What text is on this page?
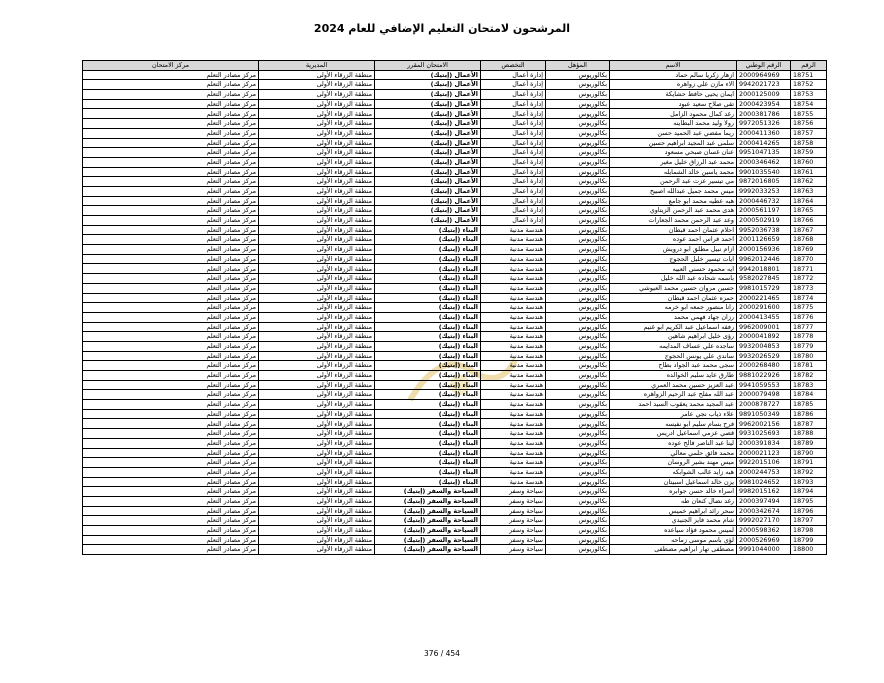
المرشحون لامتحان التعليم الإضافي للعام 2024
الرقم	الرقم الوطني	الاسم	المؤهل	التخصص	الامتحان المقرر	المديرية	مركز الامتحان
18751	2000964969	ازهار زكريا سالم حماد	بكالوريوس	إدارة أعمال	الأعمال (إبتيك)	منطقة الزرقاء الأولى	مركز مصادر التعلم
18752	9942021723	الاء مازن علي زواهره	بكالوريوس	إدارة أعمال	الأعمال (إبتيك)	منطقة الزرقاء الأولى	مركز مصادر التعلم
18753	2000125009	ايمان يحيى حافظ حشايكة	بكالوريوس	إدارة أعمال	الأعمال (إبتيك)	منطقة الزرقاء الأولى	مركز مصادر التعلم
18754	2000423954	تقى صلاح سعيد عبود	بكالوريوس	إدارة أعمال	الأعمال (إبتيك)	منطقة الزرقاء الأولى	مركز مصادر التعلم
18755	2000381786	رغد كمال محمود الزامل	بكالوريوس	إدارة أعمال	الأعمال (إبتيك)	منطقة الزرقاء الأولى	مركز مصادر التعلم
18756	9972051326	رولا وليد محمد البطاينه	بكالوريوس	إدارة أعمال	الأعمال (إبتيك)	منطقة الزرقاء الأولى	مركز مصادر التعلم
18757	2000411360	ريما مفضي عبد الحميد حسن	بكالوريوس	إدارة أعمال	الأعمال (إبتيك)	منطقة الزرقاء الأولى	مركز مصادر التعلم
18758	2000414265	سلمى عبد المجيد ابراهيم حسين	بكالوريوس	إدارة أعمال	الأعمال (إبتيك)	منطقة الزرقاء الأولى	مركز مصادر التعلم
18759	9951047135	عنان غسان صبحي مسعود	بكالوريوس	إدارة أعمال	الأعمال (إبتيك)	منطقة الزرقاء الأولى	مركز مصادر التعلم
18760	2000346462	محمد عبد الرزاق خليل مغير	بكالوريوس	إدارة أعمال	الأعمال (إبتيك)	منطقة الزرقاء الأولى	مركز مصادر التعلم
18761	9901035540	محمد ياسين خالد الشمايله	بكالوريوس	إدارة أعمال	الأعمال (إبتيك)	منطقة الزرقاء الأولى	مركز مصادر التعلم
18762	9872016805	مي تيسير عزت عبد الرحمن	بكالوريوس	إدارة أعمال	الأعمال (إبتيك)	منطقة الزرقاء الأولى	مركز مصادر التعلم
18763	9992033253	ميس محمد جميل عبدالله اصبيح	بكالوريوس	إدارة أعمال	الأعمال (إبتيك)	منطقة الزرقاء الأولى	مركز مصادر التعلم
18764	2000446732	هبه عطيه محمد ابو جامع	بكالوريوس	إدارة أعمال	الأعمال (إبتيك)	منطقة الزرقاء الأولى	مركز مصادر التعلم
18765	2000561197	هدى محمد عبد الرحمن الزيتاوي	بكالوريوس	إدارة أعمال	الأعمال (إبتيك)	منطقة الزرقاء الأولى	مركز مصادر التعلم
18766	2000502919	وعد عبد الرحمن محمد الجعارات	بكالوريوس	إدارة أعمال	الأعمال (إبتيك)	منطقة الزرقاء الأولى	مركز مصادر التعلم
18767	9952036738	احلام عثمان احمد قبطان	بكالوريوس	هندسة مدنية	البناء (إبتيك)	منطقة الزرقاء الأولى	مركز مصادر التعلم
18768	2001126659	احمد فراس احمد عوده	بكالوريوس	هندسة مدنية	البناء (إبتيك)	منطقة الزرقاء الأولى	مركز مصادر التعلم
18769	2000156936	ازام نبيل مطلق ابو درويش	بكالوريوس	هندسة مدنية	البناء (إبتيك)	منطقة الزرقاء الأولى	مركز مصادر التعلم
18770	9962012446	ايات تيسير خليل الحجوج	بكالوريوس	هندسة مدنية	البناء (إبتيك)	منطقة الزرقاء الأولى	مركز مصادر التعلم
18771	9942018801	ايه محمود حسني العبيه	بكالوريوس	هندسة مدنية	البناء (إبتيك)	منطقة الزرقاء الأولى	مركز مصادر التعلم
18772	9582027845	باسمه شحاده عبد الله خليل	بكالوريوس	هندسة مدنية	البناء (إبتيك)	منطقة الزرقاء الأولى	مركز مصادر التعلم
18773	9981015729	حسين مروان حسين محمد العيوشي	بكالوريوس	هندسة مدنية	البناء (إبتيك)	منطقة الزرقاء الأولى	مركز مصادر التعلم
18774	2000221465	حمزه عثمان احمد قبطان	بكالوريوس	هندسة مدنية	البناء (إبتيك)	منطقة الزرقاء الأولى	مركز مصادر التعلم
18775	2000291600	رانا منصور جمعه ابو خرمه	بكالوريوس	هندسة مدنية	البناء (إبتيك)	منطقة الزرقاء الأولى	مركز مصادر التعلم
18776	2000413455	رزان جهاد فهمي محمد	بكالوريوس	هندسة مدنية	البناء (إبتيك)	منطقة الزرقاء الأولى	مركز مصادر التعلم
18777	9962009001	رفقه اسماعيل عبد الكريم ابو غنيم	بكالوريوس	هندسة مدنية	البناء (إبتيك)	منطقة الزرقاء الأولى	مركز مصادر التعلم
18778	2000041892	رؤى خليل ابراهيم شاهين	بكالوريوس	هندسة مدنية	البناء (إبتيك)	منطقة الزرقاء الأولى	مركز مصادر التعلم
18779	9932004853	ساجده علي عساف المدايمه	بكالوريوس	هندسة مدنية	البناء (إبتيك)	منطقة الزرقاء الأولى	مركز مصادر التعلم
18780	9932026529	ساندي علي يونس الحجوج	بكالوريوس	هندسة مدنية	البناء (إبتيك)	منطقة الزرقاء الأولى	مركز مصادر التعلم
18781	2000268480	سجى محمد عبد الجواد بطاح	بكالوريوس	هندسة مدنية	البناء (إبتيك)	منطقة الزرقاء الأولى	مركز مصادر التعلم
18782	9881022926	طارق عايد سليم الخوالده	بكالوريوس	هندسة مدنية	البناء (إبتيك)	منطقة الزرقاء الأولى	مركز مصادر التعلم
18783	9941059553	عبد العزيز حسين محمد العمري	بكالوريوس	هندسة مدنية	البناء (إبتيك)	منطقة الزرقاء الأولى	مركز مصادر التعلم
18784	2000079498	عبد الله مفلح عبد الرحيم الزواهره	بكالوريوس	هندسة مدنية	البناء (إبتيك)	منطقة الزرقاء الأولى	مركز مصادر التعلم
18785	2000878727	عبد المجيد محمد يعقوب السيد احمد	بكالوريوس	هندسة مدنية	البناء (إبتيك)	منطقة الزرقاء الأولى	مركز مصادر التعلم
18786	9891050349	علاء ذياب نجي عامر	بكالوريوس	هندسة مدنية	البناء (إبتيك)	منطقة الزرقاء الأولى	مركز مصادر التعلم
18787	9962002156	فرح بسام سليم ابو نفيسه	بكالوريوس	هندسة مدنية	البناء (إبتيك)	منطقة الزرقاء الأولى	مركز مصادر التعلم
18788	9931025693	قصي عزمي اسماعيل ادريس	بكالوريوس	هندسة مدنية	البناء (إبتيك)	منطقة الزرقاء الأولى	مركز مصادر التعلم
18789	2000391834	لينا عبد الناصر فالح عوده	بكالوريوس	هندسة مدنية	البناء (إبتيك)	منطقة الزرقاء الأولى	مركز مصادر التعلم
18790	2000021123	محمد فائق حلمي معالي	بكالوريوس	هندسة مدنية	البناء (إبتيك)	منطقة الزرقاء الأولى	مركز مصادر التعلم
18791	9922015106	ميس مهند بشير الروسان	بكالوريوس	هندسة مدنية	البناء (إبتيك)	منطقة الزرقاء الأولى	مركز مصادر التعلم
18792	2000244753	هبه زايد غالب الشوابكه	بكالوريوس	هندسة مدنية	البناء (إبتيك)	منطقة الزرقاء الأولى	مركز مصادر التعلم
18793	9981024652	يزن خالد اسماعيل اسبيتان	بكالوريوس	هندسة مدنية	البناء (إبتيك)	منطقة الزرقاء الأولى	مركز مصادر التعلم
18794	9982015162	اسراء خالد حسن جوابره	بكالوريوس	سياحة وسفر	السياحة والسفر (إبتيك)	منطقة الزرقاء الأولى	مركز مصادر التعلم
18795	2000397494	رغد نضال كنعان طه	بكالوريوس	سياحة وسفر	السياحة والسفر (إبتيك)	منطقة الزرقاء الأولى	مركز مصادر التعلم
18796	2000342674	سحر رائد ابراهيم خميس	بكالوريوس	سياحة وسفر	السياحة والسفر (إبتيك)	منطقة الزرقاء الأولى	مركز مصادر التعلم
18797	9992027170	شام محمد فايز الجنيدي	بكالوريوس	سياحة وسفر	السياحة والسفر (إبتيك)	منطقة الزرقاء الأولى	مركز مصادر التعلم
18798	2000598362	لميس محمود فؤاد سياعده	بكالوريوس	سياحة وسفر	السياحة والسفر (إبتيك)	منطقة الزرقاء الأولى	مركز مصادر التعلم
18799	2000526969	لؤي باسم موسى زماحه	بكالوريوس	سياحة وسفر	السياحة والسفر (إبتيك)	منطقة الزرقاء الأولى	مركز مصادر التعلم
18800	9991044000	مصطفى تهار ابراهيم مصطفى	بكالوريوس	سياحة وسفر	السياحة والسفر (إبتيك)	منطقة الزرقاء الأولى	مركز مصادر التعلم
376 / 454
